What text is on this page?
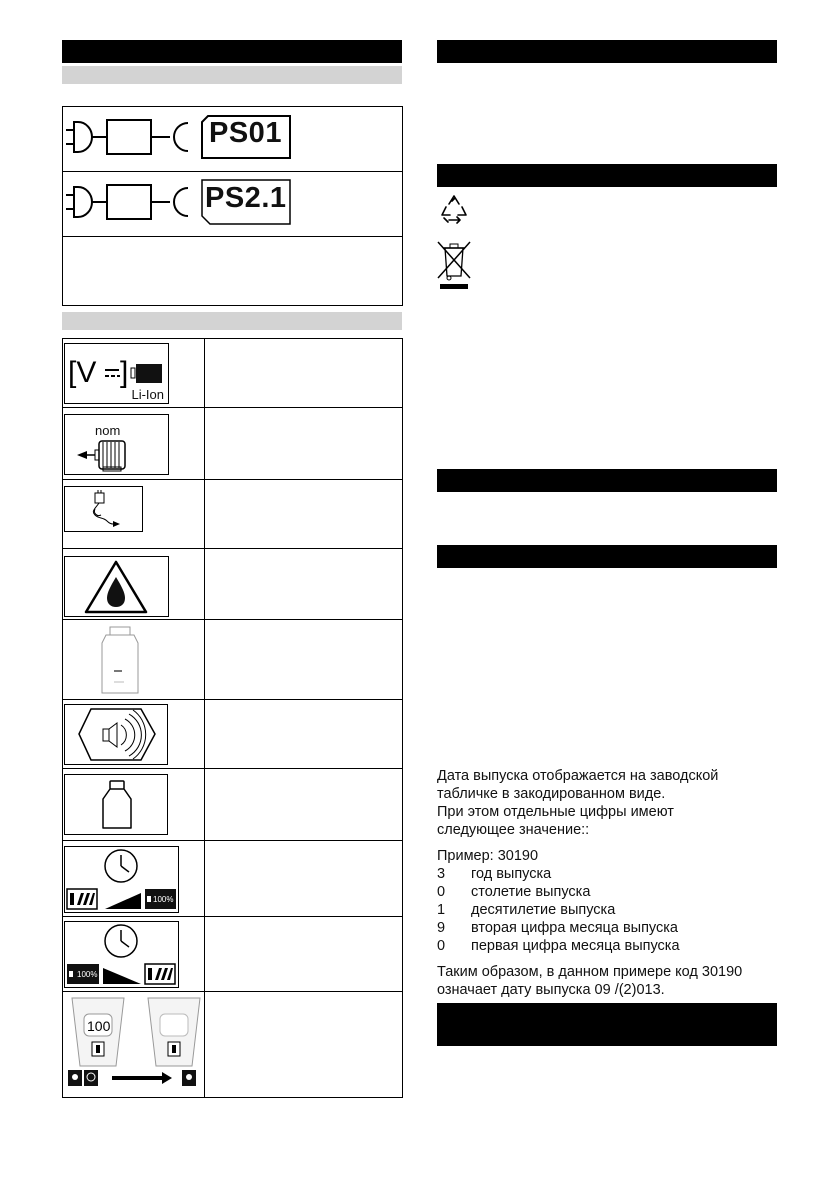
PS01
PS2.1
[V ]
Li-Ion
nom
100%
100%
100
Дата выпуска отображается на заводской
табличке в закодированном виде.
При этом отдельные цифры имеют
следующее значение::
Пример: 30190
3 год выпуска
0 столетие выпуска
1 десятилетие выпуска
9 вторая цифра месяца выпуска
0 первая цифра месяца выпуска
Таким образом, в данном примере код 30190
означает дату выпуска 09 /(2)013.
